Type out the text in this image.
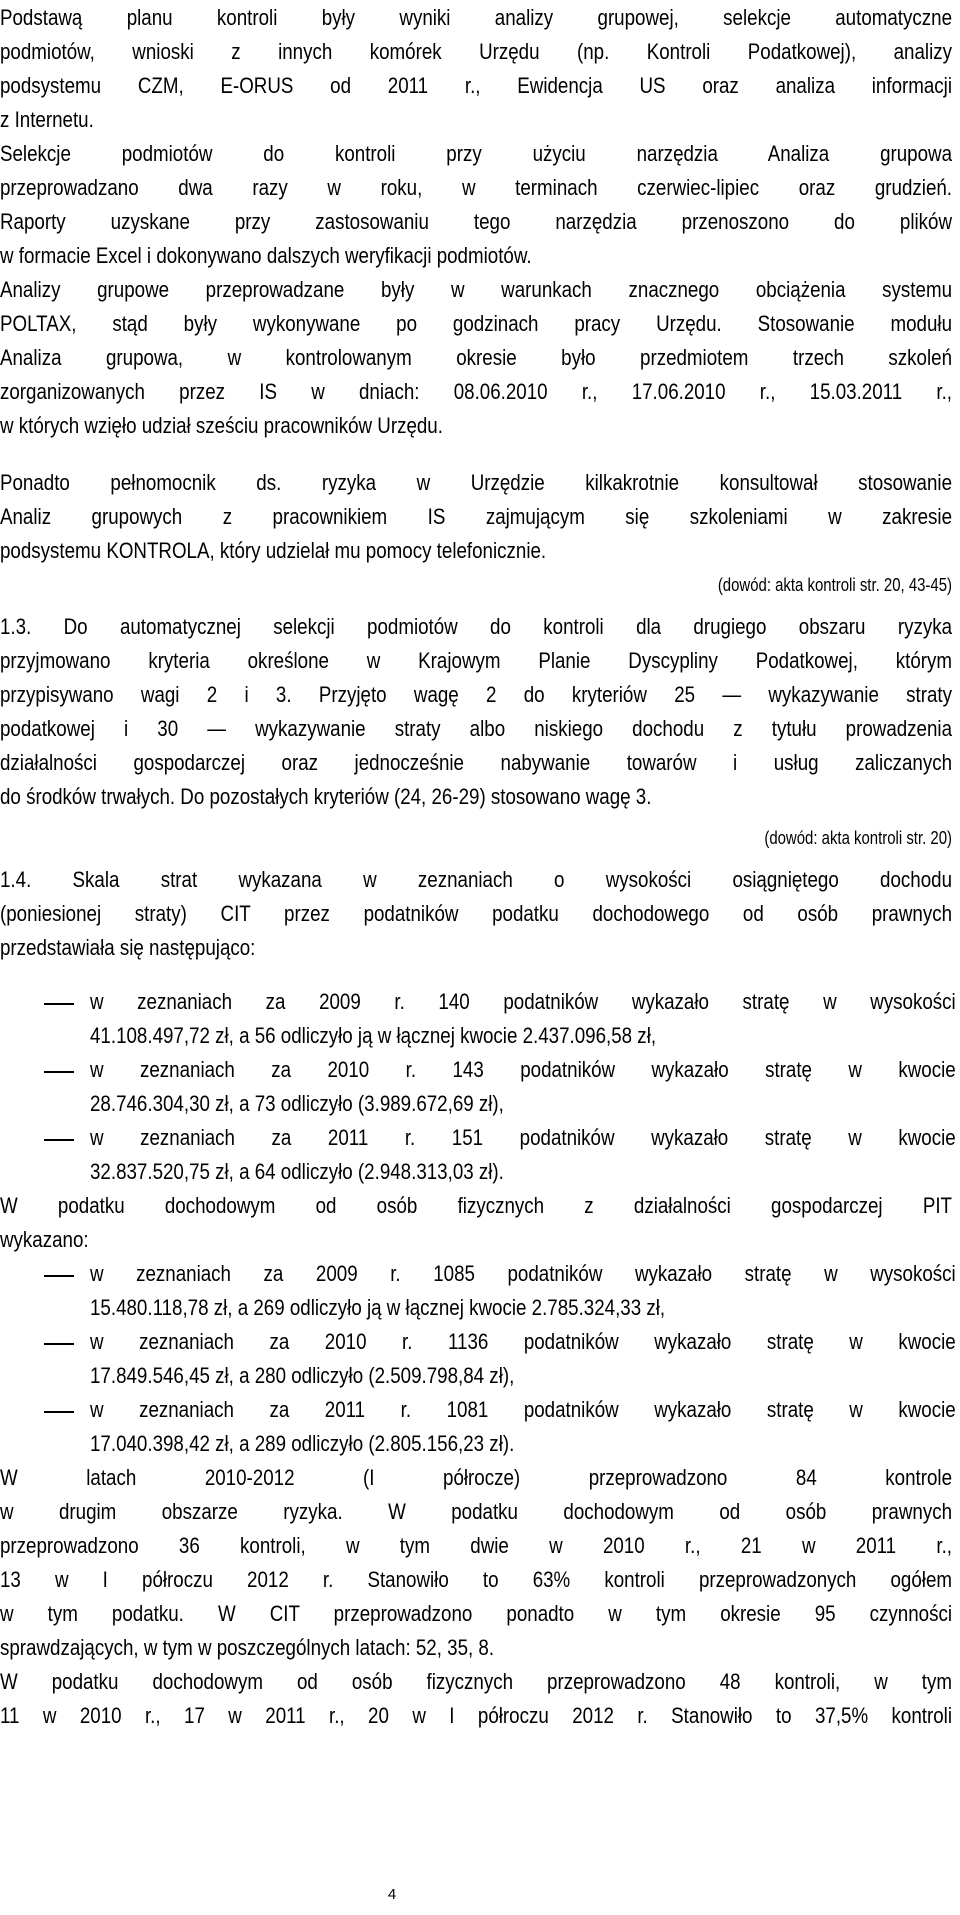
Podstawą planu kontroli były wyniki analizy grupowej, selekcje automatyczne
podmiotów, wnioski z innych komórek Urzędu (np. Kontroli Podatkowej), analizy
podsystemu CZM, E-ORUS od 2011 r., Ewidencja US oraz analiza informacji
z Internetu.
Selekcje podmiotów do kontroli przy użyciu narzędzia Analiza grupowa
przeprowadzano dwa razy w roku, w terminach czerwiec-lipiec oraz grudzień.
Raporty uzyskane przy zastosowaniu tego narzędzia przenoszono do plików
w formacie Excel i dokonywano dalszych weryfikacji podmiotów.
Analizy grupowe przeprowadzane były w warunkach znacznego obciążenia systemu
POLTAX, stąd były wykonywane po godzinach pracy Urzędu. Stosowanie modułu
Analiza grupowa, w kontrolowanym okresie było przedmiotem trzech szkoleń
zorganizowanych przez IS w dniach: 08.06.2010 r., 17.06.2010 r., 15.03.2011 r.,
w których wzięło udział sześciu pracowników Urzędu.
Ponadto pełnomocnik ds. ryzyka w Urzędzie kilkakrotnie konsultował stosowanie
Analiz grupowych z pracownikiem IS zajmującym się szkoleniami w zakresie
podsystemu KONTROLA, który udzielał mu pomocy telefonicznie.
(dowód: akta kontroli str. 20, 43-45)
1.3. Do automatycznej selekcji podmiotów do kontroli dla drugiego obszaru ryzyka
przyjmowano kryteria określone w Krajowym Planie Dyscypliny Podatkowej, którym
przypisywano wagi 2 i 3. Przyjęto wagę 2 do kryteriów 25 — wykazywanie straty
podatkowej i 30 — wykazywanie straty albo niskiego dochodu z tytułu prowadzenia
działalności gospodarczej oraz jednocześnie nabywanie towarów i usług zaliczanych
do środków trwałych. Do pozostałych kryteriów (24, 26-29) stosowano wagę 3.
(dowód: akta kontroli str. 20)
1.4. Skala strat wykazana w zeznaniach o wysokości osiągniętego dochodu
(poniesionej straty) CIT przez podatników podatku dochodowego od osób prawnych
przedstawiała się następująco:
w zeznaniach za 2009 r. 140 podatników wykazało stratę w wysokości
41.108.497,72 zł, a 56 odliczyło ją w łącznej kwocie 2.437.096,58 zł,
w zeznaniach za 2010 r. 143 podatników wykazało stratę w kwocie
28.746.304,30 zł, a 73 odliczyło (3.989.672,69 zł),
w zeznaniach za 2011 r. 151 podatników wykazało stratę w kwocie
32.837.520,75 zł, a 64 odliczyło (2.948.313,03 zł).
W podatku dochodowym od osób fizycznych z działalności gospodarczej PIT
wykazano:
w zeznaniach za 2009 r. 1085 podatników wykazało stratę w wysokości
15.480.118,78 zł, a 269 odliczyło ją w łącznej kwocie 2.785.324,33 zł,
w zeznaniach za 2010 r. 1136 podatników wykazało stratę w kwocie
17.849.546,45 zł, a 280 odliczyło (2.509.798,84 zł),
w zeznaniach za 2011 r. 1081 podatników wykazało stratę w kwocie
17.040.398,42 zł, a 289 odliczyło (2.805.156,23 zł).
W latach 2010-2012 (I półrocze) przeprowadzono 84 kontrole
w drugim obszarze ryzyka. W podatku dochodowym od osób prawnych
przeprowadzono 36 kontroli, w tym dwie w 2010 r., 21 w 2011 r.,
13 w I półroczu 2012 r. Stanowiło to 63% kontroli przeprowadzonych ogółem
w tym podatku. W CIT przeprowadzono ponadto w tym okresie 95 czynności
sprawdzających, w tym w poszczególnych latach: 52, 35, 8.
W podatku dochodowym od osób fizycznych przeprowadzono 48 kontroli, w tym
11 w 2010 r., 17 w 2011 r., 20 w I półroczu 2012 r. Stanowiło to 37,5% kontroli
4
